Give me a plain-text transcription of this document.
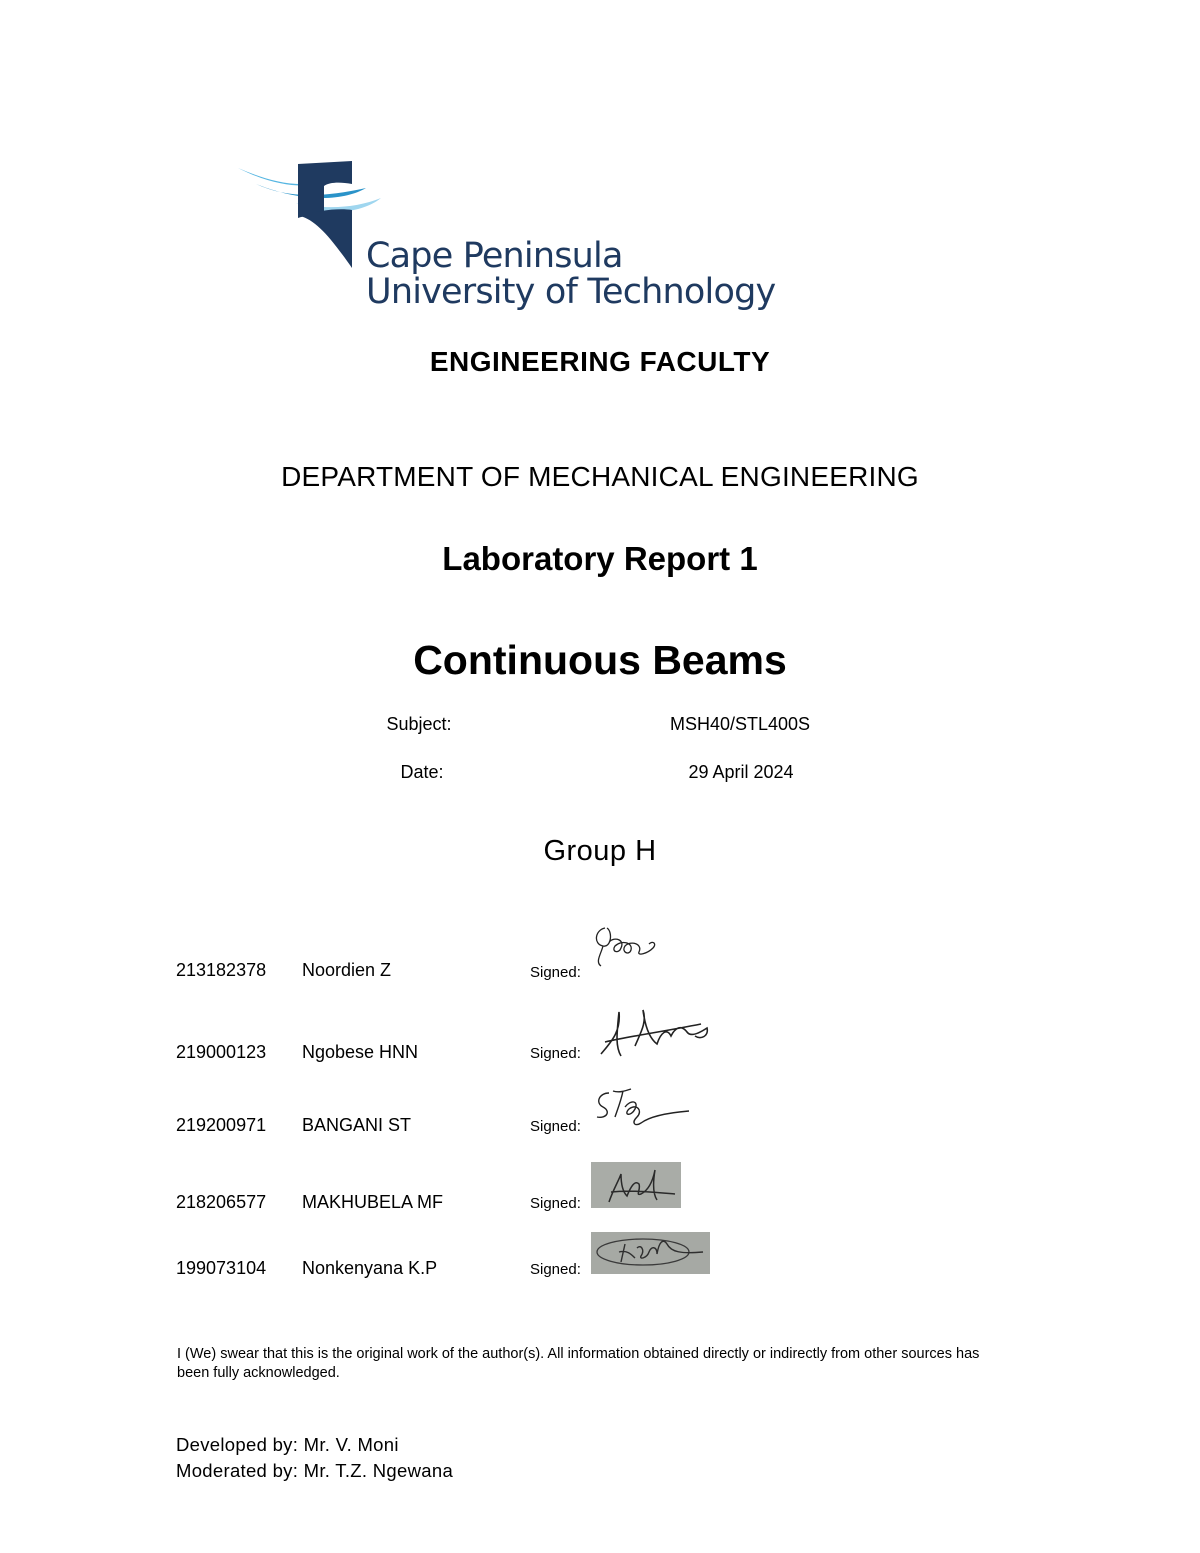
Cape Peninsula
University of Technology
ENGINEERING FACULTY
DEPARTMENT OF MECHANICAL ENGINEERING
Laboratory Report 1
Continuous Beams
Subject:	MSH40/STL400S
Date:	29 April 2024
Group H
213182378 Noordien Z	Signed:
219000123 Ngobese HNN	Signed:
219200971 BANGANI ST	Signed:
218206577 MAKHUBELA MF	Signed:
199073104 Nonkenyana K.P	Signed:
I (We) swear that this is the original work of the author(s). All information obtained directly or indirectly from other sources has been fully acknowledged.
Developed by: Mr. V. Moni
Moderated by: Mr. T.Z. Ngewana
